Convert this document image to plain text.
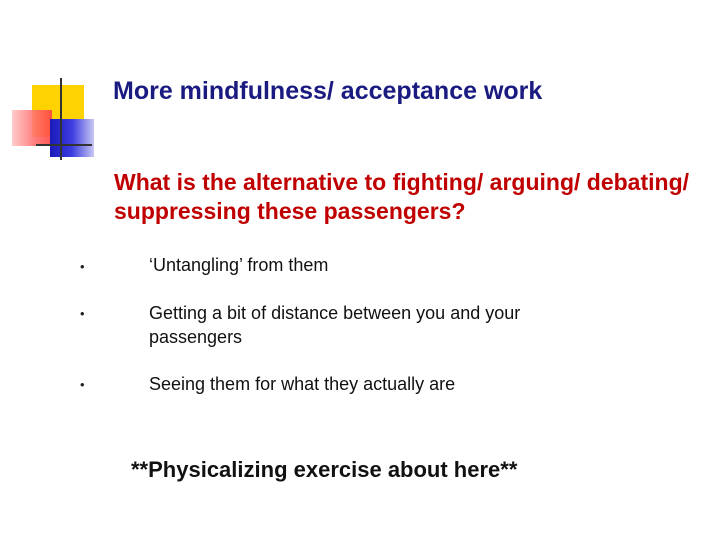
More mindfulness/ acceptance work
What is the alternative to fighting/ arguing/ debating/ suppressing these passengers?
•	‘Untangling’ from them
•	Getting a bit of distance between you and your passengers
•	Seeing them for what they actually are
**Physicalizing exercise about here**
